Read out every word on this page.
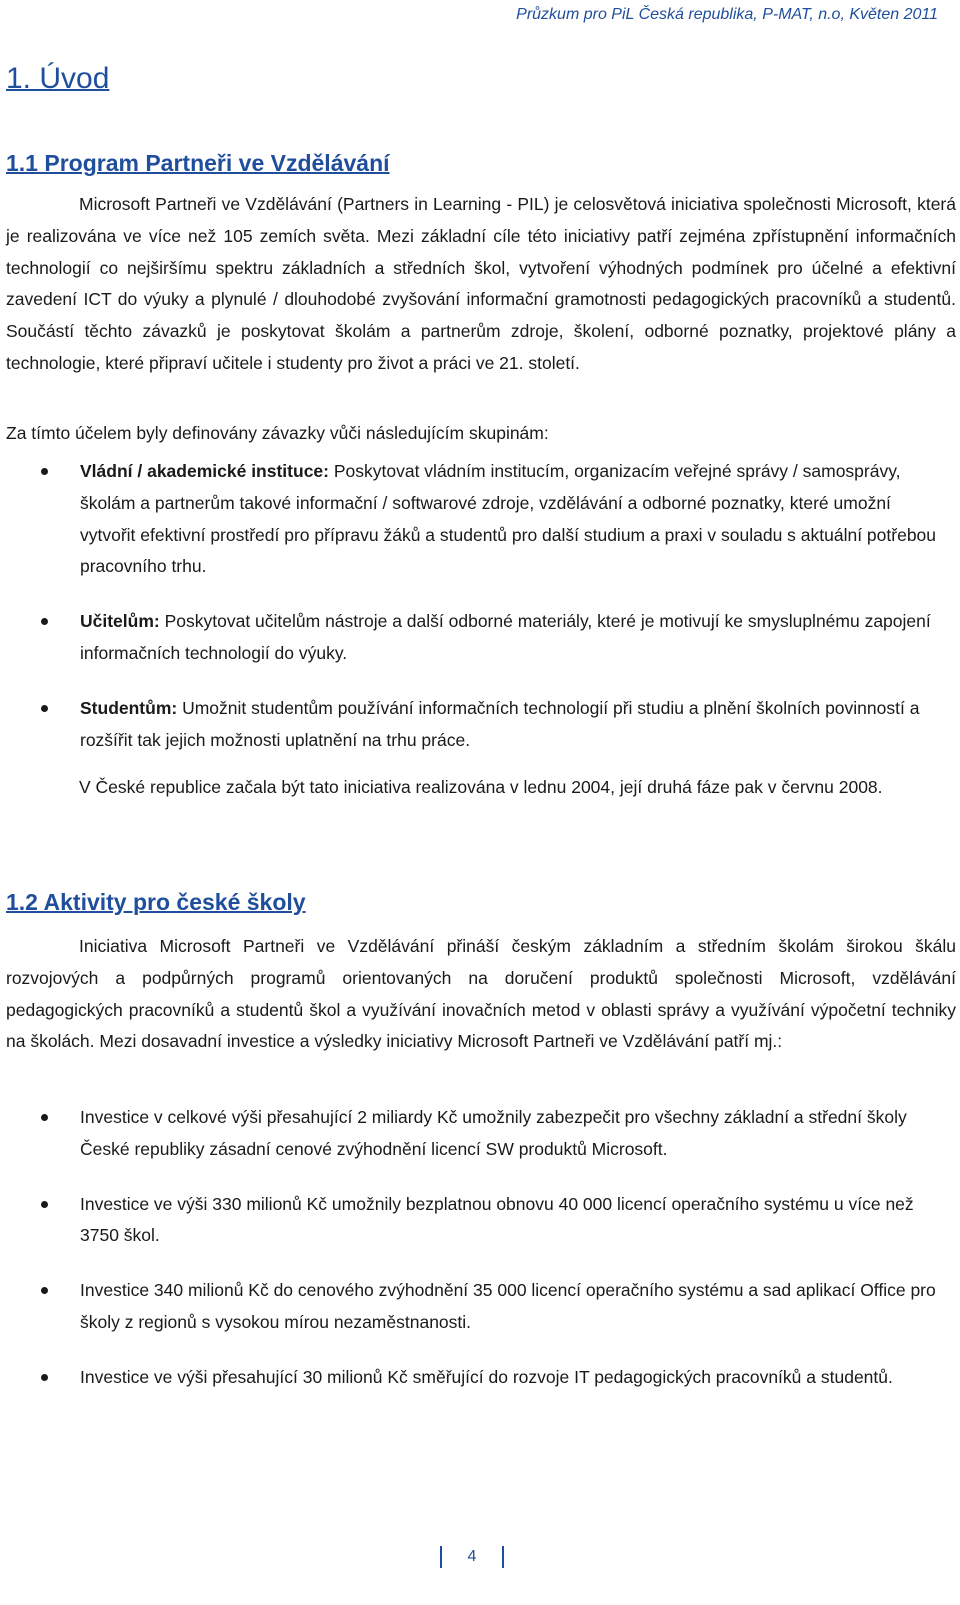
Průzkum pro PiL Česká republika, P-MAT, n.o, Květen 2011
1. Úvod
1.1 Program Partneři ve Vzdělávání

Microsoft Partneři ve Vzdělávání (Partners in Learning - PIL) je celosvětová iniciativa společnosti Microsoft, která je realizována ve více než 105 zemích světa. Mezi základní cíle této iniciativy patří zejména zpřístupnění informačních technologií co nejširšímu spektru základních a středních škol, vytvoření výhodných podmínek pro účelné a efektivní zavedení ICT do výuky a plynulé / dlouhodobé zvyšování informační gramotnosti pedagogických pracovníků a studentů. Součástí těchto závazků je poskytovat školám a partnerům zdroje, školení, odborné poznatky, projektové plány a technologie, které připraví učitele i studenty pro život a práci ve 21. století.

Za tímto účelem byly definovány závazky vůči následujícím skupinám:

Vládní / akademické instituce: Poskytovat vládním institucím, organizacím veřejné správy / samosprávy, školám a partnerům takové informační / softwarové zdroje, vzdělávání a odborné poznatky, které umožní vytvořit efektivní prostředí pro přípravu žáků a studentů pro další studium a praxi v souladu s aktuální potřebou pracovního trhu.
Učitelům: Poskytovat učitelům nástroje a další odborné materiály, které je motivují ke smysluplnému zapojení informačních technologií do výuky.
Studentům: Umožnit studentům používání informačních technologií při studiu a plnění školních povinností a rozšířit tak jejich možnosti uplatnění na trhu práce.

V České republice začala být tato iniciativa realizována v lednu 2004, její druhá fáze pak v červnu 2008.

1.2 Aktivity pro české školy

Iniciativa Microsoft Partneři ve Vzdělávání přináší českým základním a středním školám širokou škálu rozvojových a podpůrných programů orientovaných na doručení produktů společnosti Microsoft, vzdělávání pedagogických pracovníků a studentů škol a využívání inovačních metod v oblasti správy a využívání výpočetní techniky na školách. Mezi dosavadní investice a výsledky iniciativy Microsoft Partneři ve Vzdělávání patří mj.:

Investice v celkové výši přesahující 2 miliardy Kč umožnily zabezpečit pro všechny základní a střední školy České republiky zásadní cenové zvýhodnění licencí SW produktů Microsoft.
Investice ve výši 330 milionů Kč umožnily bezplatnou obnovu 40 000 licencí operačního systému u více než 3750 škol.
Investice 340 milionů Kč do cenového zvýhodnění 35 000 licencí operačního systému a sad aplikací Office pro školy z regionů s vysokou mírou nezaměstnanosti.
Investice ve výši přesahující 30 milionů Kč směřující do rozvoje IT pedagogických pracovníků a studentů.
4
